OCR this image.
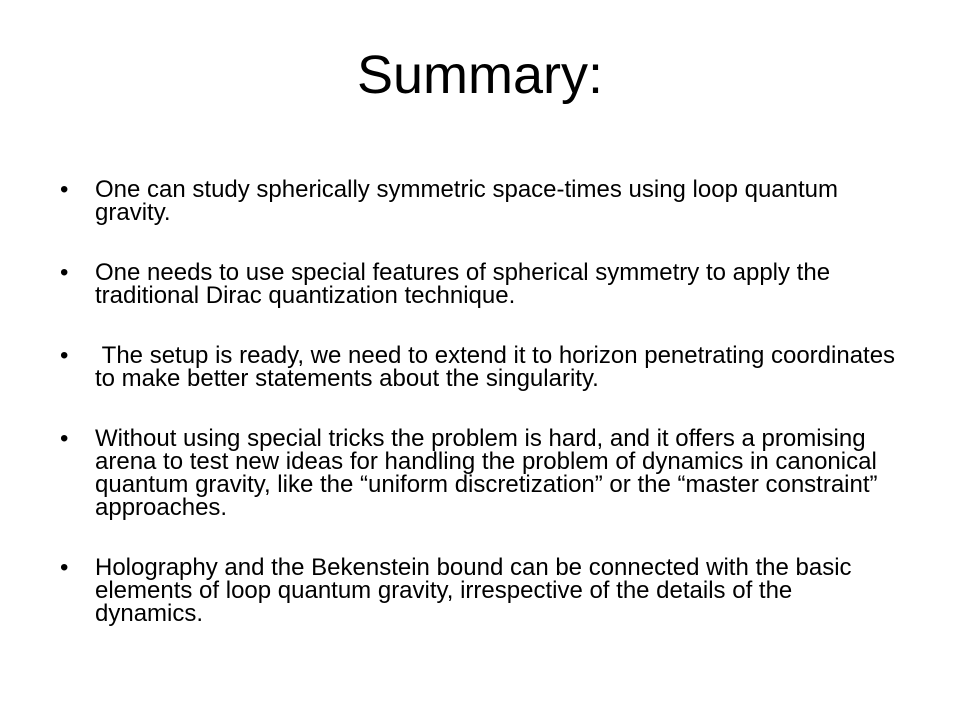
Summary:
•	One can study spherically symmetric space-times using loop quantum gravity.
•	One needs to use special features of spherical symmetry to apply the traditional Dirac quantization technique.
•	The setup is ready, we need to extend it to horizon penetrating coordinates to make better statements about the singularity.
•	Without using special tricks the problem is hard, and it offers a promising arena to test new ideas for handling the problem of dynamics in canonical quantum gravity, like the “uniform discretization” or the “master constraint” approaches.
•	Holography and the Bekenstein bound can be connected with the basic elements of loop quantum gravity, irrespective of the details of the dynamics.
